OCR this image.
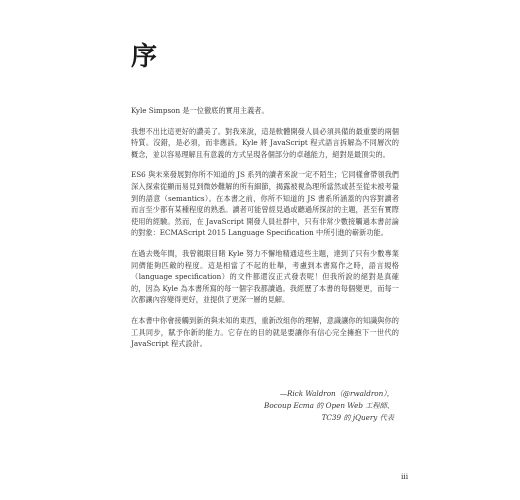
序

Kyle Simpson 是一位徹底的實用主義者。

我想不出比這更好的讚美了。對我來說，這是軟體開發人員必須具備的最重要的兩個特質。沒錯，是必須，而非應該。Kyle 將 JavaScript 程式語言拆解為不同層次的概念，並以容易理解且有意義的方式呈現各個部分的卓越能力，絕對是最頂尖的。

ES6 與未來發展對你所不知道的 JS 系列的讀者來說一定不陌生；它同樣會帶領我們深入探索從顯而易見到微妙難解的所有細節，揭露被視為理所當然或甚至從未被考量到的語意（semantics）。在本書之前，你所不知道的 JS 書系所涵蓋的內容對讀者而言至少都有某種程度的熟悉。讀者可能曾經見過或聽過所探討的主題，甚至有實際使用的經驗。然而，在 JavaScript 開發人員社群中，只有非常少數接觸過本書討論的對象：ECMAScript 2015 Language Specification 中所引進的嶄新功能。

在過去幾年間，我曾親眼目睹 Kyle 努力不懈地精通這些主題，達到了只有少數專業同儕能夠匹敵的程度。這是相當了不起的壯舉，考慮到本書寫作之時，語言規格（language specification）的文件都還沒正式發表呢！但我所說的絕對是真確的，因為 Kyle 為本書所寫的每一個字我都讀過。我經歷了本書的每個變更，而每一次都讓內容變得更好，並提供了更深一層的見解。

在本書中你會接觸到新的與未知的東西，重新改組你的理解，意識讓你的知識與你的工具同步，賦予你新的能力。它存在的目的就是要讓你有信心完全擁抱下一世代的 JavaScript 程式設計。

—Rick Waldron（@rwaldron），
Bocoup Ecma 的 Open Web 工程師、
TC39 的 jQuery 代表
iii
